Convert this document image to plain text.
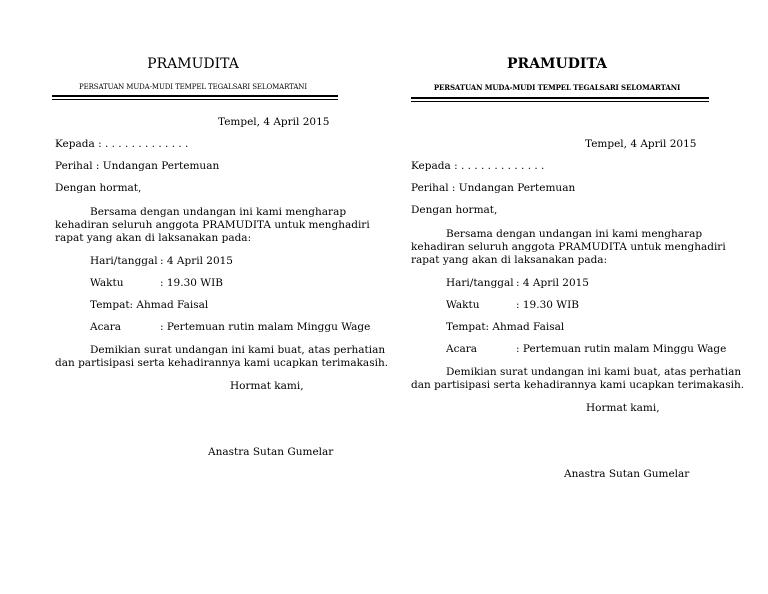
PRAMUDITA
PERSATUAN MUDA-MUDI TEMPEL TEGALSARI SELOMARTANI
Tempel, 4 April 2015
Kepada : . . . . . . . . . . . . .
Perihal : Undangan Pertemuan
Dengan hormat,
Bersama dengan undangan ini kami mengharap
kehadiran seluruh anggota PRAMUDITA untuk menghadiri
rapat yang akan di laksanakan pada:
Hari/tanggal : 4 April 2015
Waktu	: 19.30 WIB
Tempat: Ahmad Faisal
Acara	: Pertemuan rutin malam Minggu Wage
Demikian surat undangan ini kami buat, atas perhatian
dan partisipasi serta kehadirannya kami ucapkan terimakasih.
Hormat kami,
Anastra Sutan Gumelar
PRAMUDITA
PERSATUAN MUDA-MUDI TEMPEL TEGALSARI SELOMARTANI
Tempel, 4 April 2015
Kepada : . . . . . . . . . . . . .
Perihal : Undangan Pertemuan
Dengan hormat,
Bersama dengan undangan ini kami mengharap
kehadiran seluruh anggota PRAMUDITA untuk menghadiri
rapat yang akan di laksanakan pada:
Hari/tanggal : 4 April 2015
Waktu	: 19.30 WIB
Tempat: Ahmad Faisal
Acara	: Pertemuan rutin malam Minggu Wage
Demikian surat undangan ini kami buat, atas perhatian
dan partisipasi serta kehadirannya kami ucapkan terimakasih.
Hormat kami,
Anastra Sutan Gumelar
